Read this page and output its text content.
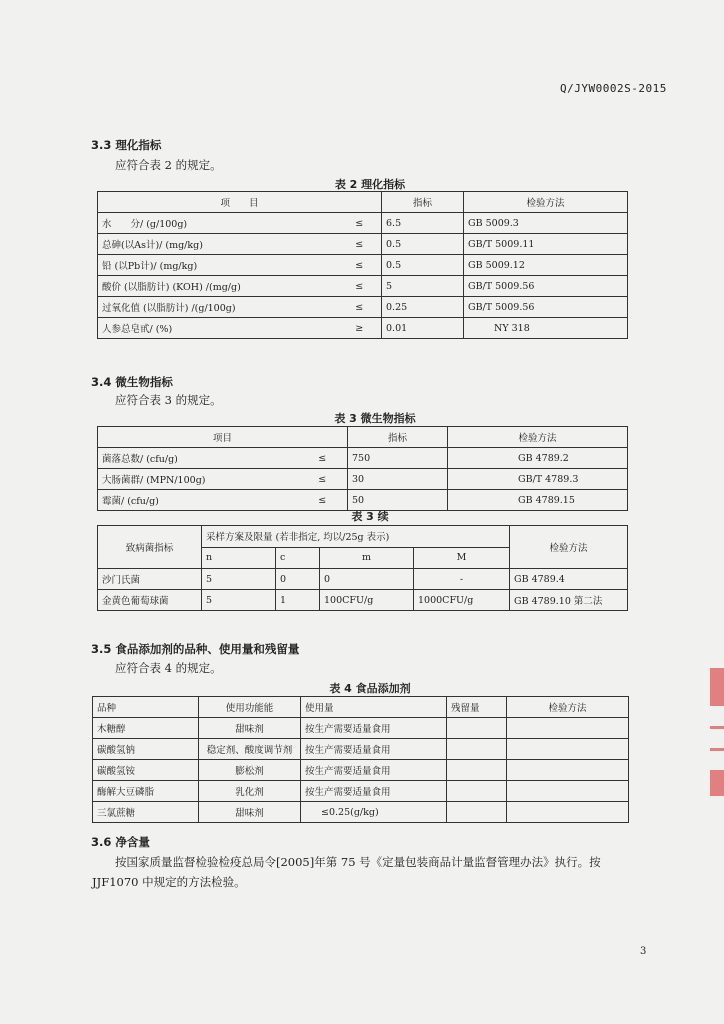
Q/JYW0002S-2015
3.3 理化指标
应符合表 2 的规定。
表 2 理化指标
项　　目		指标	检验方法
水　　分/ (g/100g)	≤	6.5	GB 5009.3
总砷(以As计)/ (mg/kg)	≤	0.5	GB/T 5009.11
铅 (以Pb计)/ (mg/kg)	≤	0.5	GB 5009.12
酸价 (以脂肪计) (KOH) /(mg/g)	≤	5	GB/T 5009.56
过氧化值 (以脂肪计) /(g/100g)	≤	0.25	GB/T 5009.56
人参总皂甙/ (%)	≥	0.01	NY 318
3.4 微生物指标
应符合表 3 的规定。
表 3 微生物指标
项目		指标	检验方法
菌落总数/ (cfu/g)	≤	750	GB 4789.2
大肠菌群/ (MPN/100g)	≤	30	GB/T 4789.3
霉菌/ (cfu/g)	≤	50	GB 4789.15
表 3 续
致病菌指标	采样方案及限量 (若非指定, 均以/25g 表示)				检验方法
	n	c	m	M	
沙门氏菌	5	0	0	-	GB 4789.4
金黄色葡萄球菌	5	1	100CFU/g	1000CFU/g	GB 4789.10 第二法
3.5 食品添加剂的品种、使用量和残留量
应符合表 4 的规定。
表 4 食品添加剂
品种	使用功能能	使用量	残留量	检验方法
木糖醇	甜味剂	按生产需要适量食用		
碳酸氢钠	稳定剂、酸度调节剂	按生产需要适量食用		
碳酸氢铵	膨松剂	按生产需要适量食用		
酶解大豆磷脂	乳化剂	按生产需要适量食用		
三氯蔗糖	甜味剂	≤0.25(g/kg)		
3.6 净含量
按国家质量监督检验检疫总局令[2005]年第 75 号《定量包装商品计量监督管理办法》执行。按
JJF1070 中规定的方法检验。
3
